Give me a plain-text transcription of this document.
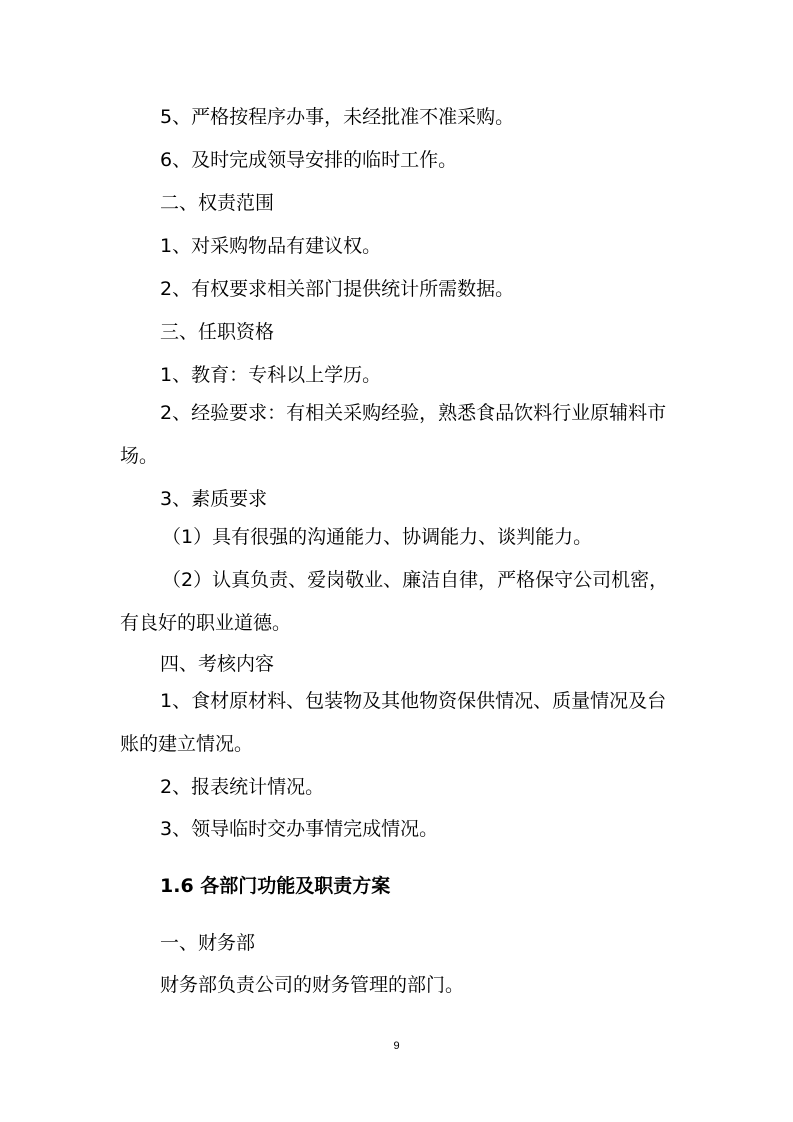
5、严格按程序办事，未经批准不准采购。

6、及时完成领导安排的临时工作。

二、权责范围

1、对采购物品有建议权。

2、有权要求相关部门提供统计所需数据。

三、任职资格

1、教育：专科以上学历。

2、经验要求：有相关采购经验，熟悉食品饮料行业原辅料市场。

3、素质要求

（1）具有很强的沟通能力、协调能力、谈判能力。

（2）认真负责、爱岗敬业、廉洁自律，严格保守公司机密，有良好的职业道德。

四、考核内容

1、食材原材料、包装物及其他物资保供情况、质量情况及台账的建立情况。

2、报表统计情况。

3、领导临时交办事情完成情况。

1.6 各部门功能及职责方案

一、财务部

财务部负责公司的财务管理的部门。

9
